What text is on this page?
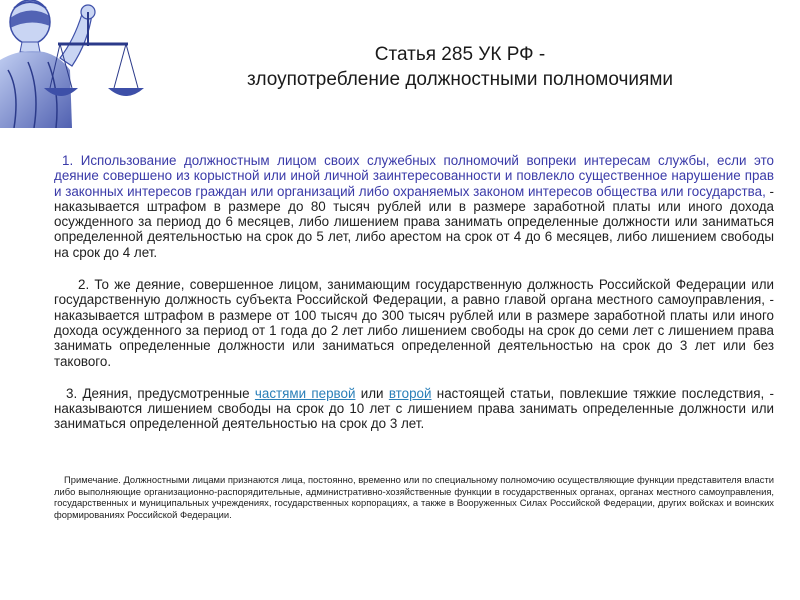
Статья 285 УК РФ -
злоупотребление должностными полномочиями

1. Использование должностным лицом своих служебных полномочий вопреки интересам службы, если это деяние совершено из корыстной или иной личной заинтересованности и повлекло существенное нарушение прав и законных интересов граждан или организаций либо охраняемых законом интересов общества или государства, - наказывается штрафом в размере до 80 тысяч рублей или в размере заработной платы или иного дохода осужденного за период до 6 месяцев, либо лишением права занимать определенные должности или заниматься определенной деятельностью на срок до 5 лет, либо арестом на срок от 4 до 6 месяцев, либо лишением свободы на срок до 4 лет.

2. То же деяние, совершенное лицом, занимающим государственную должность Российской Федерации или государственную должность субъекта Российской Федерации, а равно главой органа местного самоуправления, - наказывается штрафом в размере от 100 тысяч до 300 тысяч рублей или в размере заработной платы или иного дохода осужденного за период от 1 года до 2 лет либо лишением свободы на срок до семи лет с лишением права занимать определенные должности или заниматься определенной деятельностью на срок до 3 лет или без такового.

3. Деяния, предусмотренные частями первой или второй настоящей статьи, повлекшие тяжкие последствия, - наказываются лишением свободы на срок до 10 лет с лишением права занимать определенные должности или заниматься определенной деятельностью на срок до 3 лет.

Примечание. Должностными лицами признаются лица, постоянно, временно или по специальному полномочию осуществляющие функции представителя власти либо выполняющие организационно-распорядительные, административно-хозяйственные функции в государственных органах, органах местного самоуправления, государственных и муниципальных учреждениях, государственных корпорациях, а также в Вооруженных Силах Российской Федерации, других войсках и воинских формированиях Российской Федерации.
